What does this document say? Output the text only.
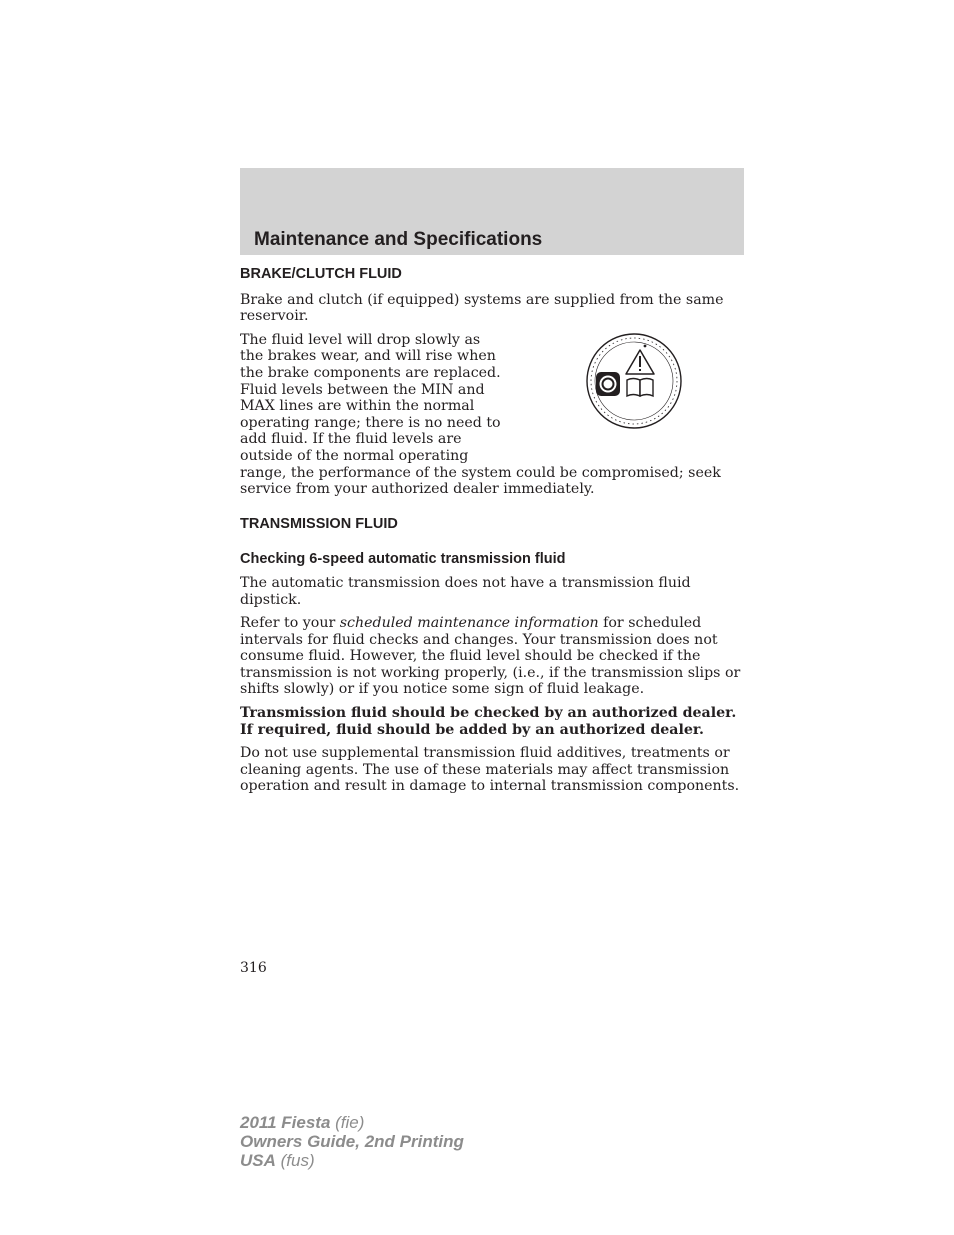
Maintenance and Specifications
BRAKE/CLUTCH FLUID

Brake and clutch (if equipped) systems are supplied from the same reservoir.

The fluid level will drop slowly as
the brakes wear, and will rise when
the brake components are replaced.
Fluid levels between the MIN and
MAX lines are within the normal
operating range; there is no need to
add fluid. If the fluid levels are
outside of the normal operating
range, the performance of the system could be compromised; seek service from your authorized dealer immediately.

TRANSMISSION FLUID
Checking 6-speed automatic transmission fluid

The automatic transmission does not have a transmission fluid dipstick.

Refer to your scheduled maintenance information for scheduled intervals for fluid checks and changes. Your transmission does not consume fluid. However, the fluid level should be checked if the transmission is not working properly, (i.e., if the transmission slips or shifts slowly) or if you notice some sign of fluid leakage.

Transmission fluid should be checked by an authorized dealer. If required, fluid should be added by an authorized dealer.

Do not use supplemental transmission fluid additives, treatments or cleaning agents. The use of these materials may affect transmission operation and result in damage to internal transmission components.

316
2011 Fiesta (fie)
Owners Guide, 2nd Printing
USA (fus)
